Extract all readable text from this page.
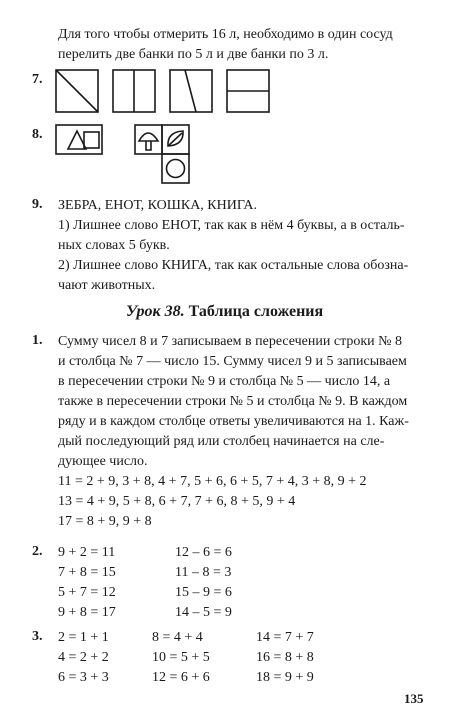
Для того чтобы отмерить 16 л, необходимо в один сосуд
перелить две банки по 5 л и две банки по 3 л.
7.
8.
9. ЗЕБРА, ЕНОТ, КОШКА, КНИГА.
1) Лишнее слово ЕНОТ, так как в нём 4 буквы, а в осталь-
ных словах 5 букв.
2) Лишнее слово КНИГА, так как остальные слова обозна-
чают животных.
Урок 38. Таблица сложения
1. Сумму чисел 8 и 7 записываем в пересечении строки № 8
и столбца № 7 — число 15. Сумму чисел 9 и 5 записываем
в пересечении строки № 9 и столбца № 5 — число 14, а
также в пересечении строки № 5 и столбца № 9. В каждом
ряду и в каждом столбце ответы увеличиваются на 1. Каж-
дый последующий ряд или столбец начинается на сле-
дующее число.
11 = 2 + 9, 3 + 8, 4 + 7, 5 + 6, 6 + 5, 7 + 4, 3 + 8, 9 + 2
13 = 4 + 9, 5 + 8, 6 + 7, 7 + 6, 8 + 5, 9 + 4
17 = 8 + 9, 9 + 8
2. 9 + 2 = 11
7 + 8 = 15
5 + 7 = 12
9 + 8 = 17
12 – 6 = 6
11 – 8 = 3
15 – 9 = 6
14 – 5 = 9
3. 2 = 1 + 1
4 = 2 + 2
6 = 3 + 3
8 = 4 + 4
10 = 5 + 5
12 = 6 + 6
14 = 7 + 7
16 = 8 + 8
18 = 9 + 9
135
